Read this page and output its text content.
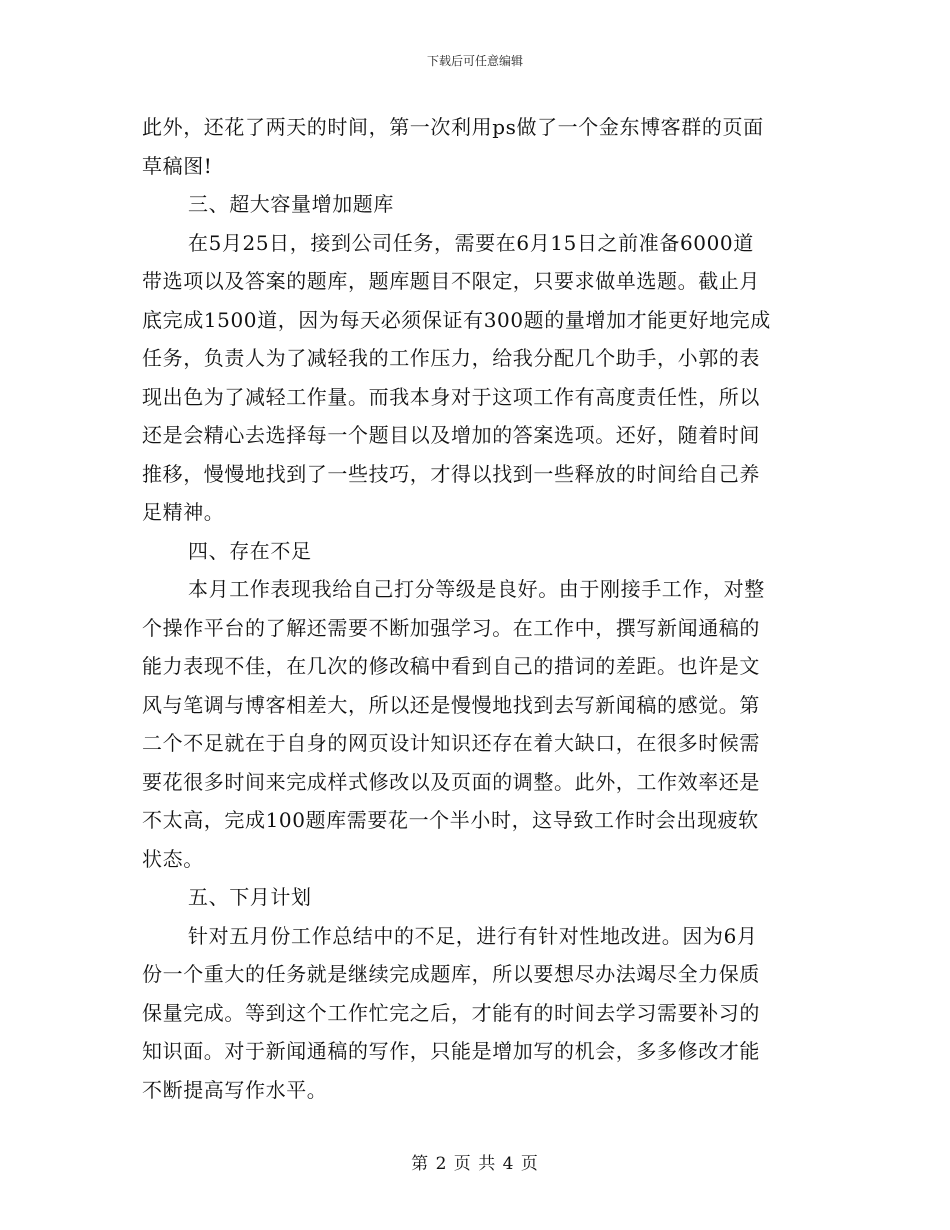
下载后可任意编辑
此外，还花了两天的时间，第一次利用ps做了一个金东博客群的页面
草稿图!
三、超大容量增加题库
在5月25日，接到公司任务，需要在6月15日之前准备6000道
带选项以及答案的题库，题库题目不限定，只要求做单选题。截止月
底完成1500道，因为每天必须保证有300题的量增加才能更好地完成
任务，负责人为了减轻我的工作压力，给我分配几个助手，小郭的表
现出色为了减轻工作量。而我本身对于这项工作有高度责任性，所以
还是会精心去选择每一个题目以及增加的答案选项。还好，随着时间
推移，慢慢地找到了一些技巧，才得以找到一些释放的时间给自己养
足精神。
四、存在不足
本月工作表现我给自己打分等级是良好。由于刚接手工作，对整
个操作平台的了解还需要不断加强学习。在工作中，撰写新闻通稿的
能力表现不佳，在几次的修改稿中看到自己的措词的差距。也许是文
风与笔调与博客相差大，所以还是慢慢地找到去写新闻稿的感觉。第
二个不足就在于自身的网页设计知识还存在着大缺口，在很多时候需
要花很多时间来完成样式修改以及页面的调整。此外，工作效率还是
不太高，完成100题库需要花一个半小时，这导致工作时会出现疲软
状态。
五、下月计划
针对五月份工作总结中的不足，进行有针对性地改进。因为6月
份一个重大的任务就是继续完成题库，所以要想尽办法竭尽全力保质
保量完成。等到这个工作忙完之后，才能有的时间去学习需要补习的
知识面。对于新闻通稿的写作，只能是增加写的机会，多多修改才能
不断提高写作水平。
第 2 页 共 4 页
